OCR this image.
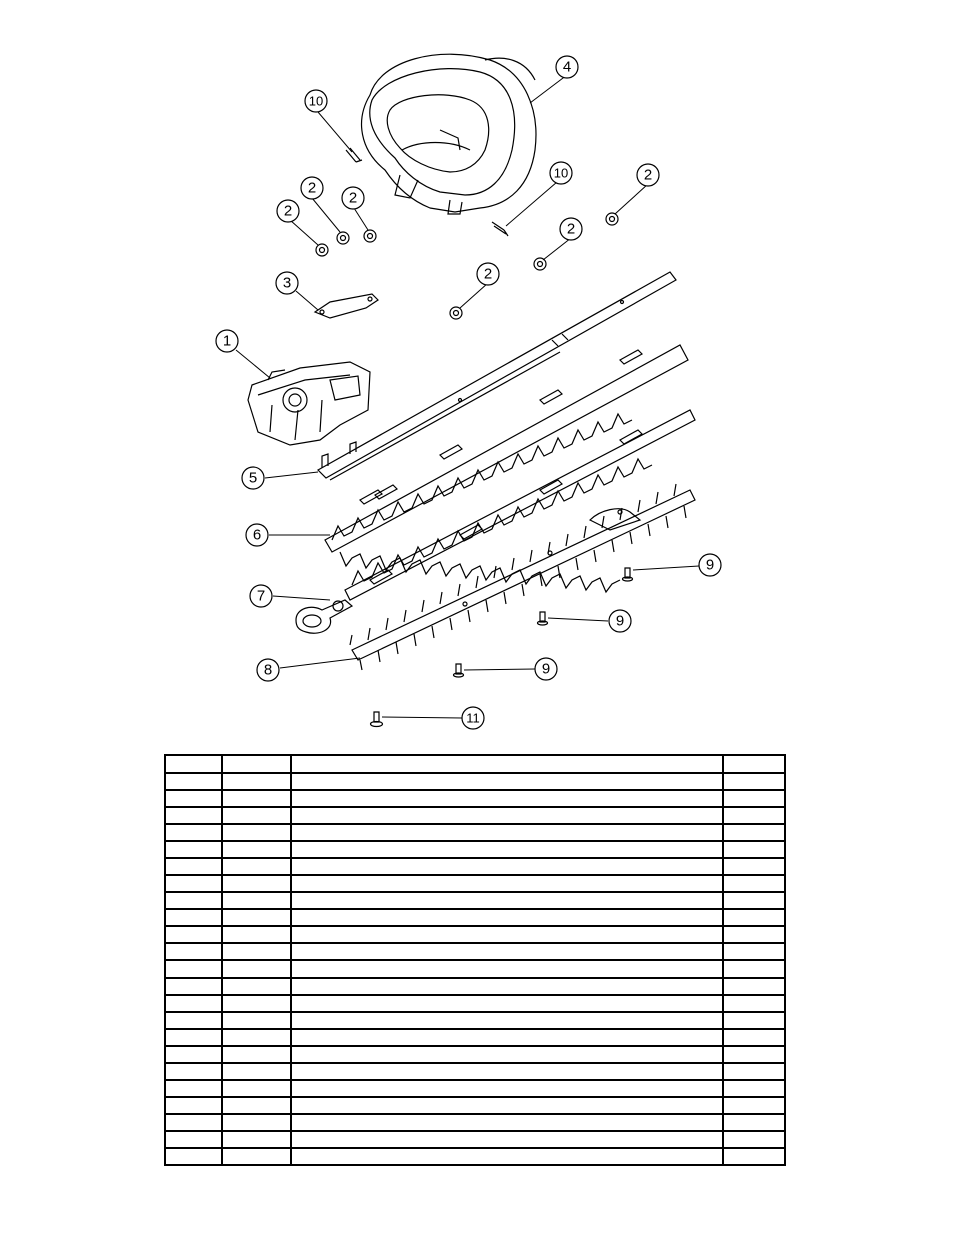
4
10
10	2
2
2
2
2
2
3
1
5
6
7
8
9
9
9
11
